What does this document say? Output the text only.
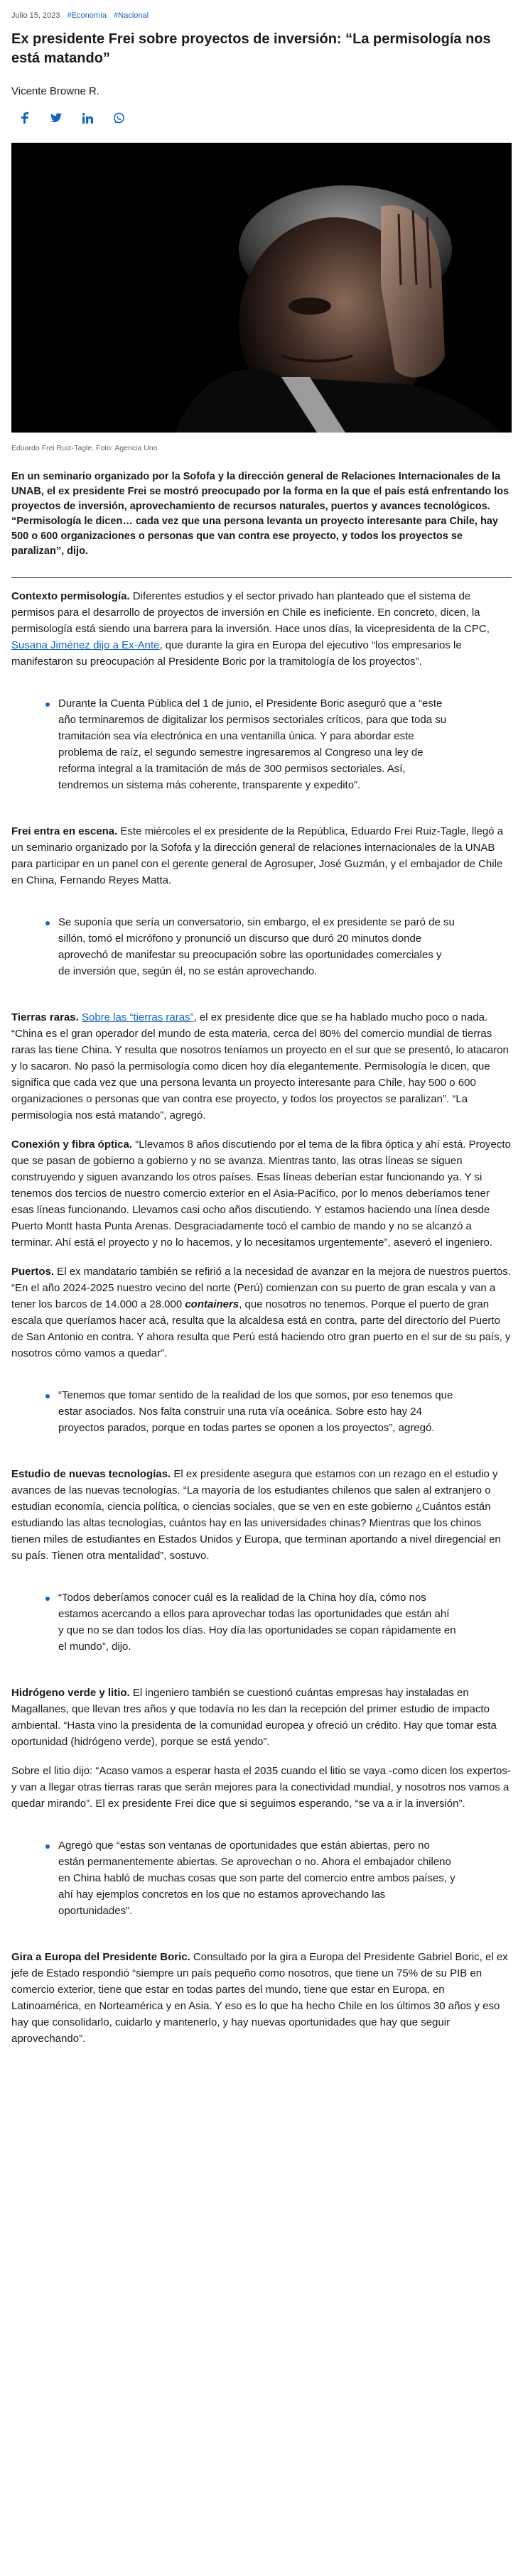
Julio 15, 2023 #Economía #Nacional
Ex presidente Frei sobre proyectos de inversión: “La permisología nos está matando”
Vicente Browne R.
Eduardo Frei Ruiz-Tagle. Foto: Agencia Uno.
En un seminario organizado por la Sofofa y la dirección general de Relaciones Internacionales de la UNAB, el ex presidente Frei se mostró preocupado por la forma en la que el país está enfrentando los proyectos de inversión, aprovechamiento de recursos naturales, puertos y avances tecnológicos. “Permisología le dicen… cada vez que una persona levanta un proyecto interesante para Chile, hay 500 o 600 organizaciones o personas que van contra ese proyecto, y todos los proyectos se paralizan”, dijo.

Contexto permisología. Diferentes estudios y el sector privado han planteado que el sistema de permisos para el desarrollo de proyectos de inversión en Chile es ineficiente. En concreto, dicen, la permisología está siendo una barrera para la inversión. Hace unos días, la vicepresidenta de la CPC, Susana Jiménez dijo a Ex-Ante, que durante la gira en Europa del ejecutivo “los empresarios le manifestaron su preocupación al Presidente Boric por la tramitología de los proyectos”.

Durante la Cuenta Pública del 1 de junio, el Presidente Boric aseguró que a “este año terminaremos de digitalizar los permisos sectoriales críticos, para que toda su tramitación sea vía electrónica en una ventanilla única. Y para abordar este problema de raíz, el segundo semestre ingresaremos al Congreso una ley de reforma integral a la tramitación de más de 300 permisos sectoriales. Así, tendremos un sistema más coherente, transparente y expedito”.

Frei entra en escena. Este miércoles el ex presidente de la República, Eduardo Frei Ruiz-Tagle, llegó a un seminario organizado por la Sofofa y la dirección general de relaciones internacionales de la UNAB para participar en un panel con el gerente general de Agrosuper, José Guzmán, y el embajador de Chile en China, Fernando Reyes Matta.

Se suponía que sería un conversatorio, sin embargo, el ex presidente se paró de su sillón, tomó el micrófono y pronunció un discurso que duró 20 minutos donde aprovechó de manifestar su preocupación sobre las oportunidades comerciales y de inversión que, según él, no se están aprovechando.

Tierras raras. Sobre las “tierras raras”, el ex presidente dice que se ha hablado mucho poco o nada. “China es el gran operador del mundo de esta materia, cerca del 80% del comercio mundial de tierras raras las tiene China. Y resulta que nosotros teníamos un proyecto en el sur que se presentó, lo atacaron y lo sacaron. No pasó la permisología como dicen hoy día elegantemente. Permisología le dicen, que significa que cada vez que una persona levanta un proyecto interesante para Chile, hay 500 o 600 organizaciones o personas que van contra ese proyecto, y todos los proyectos se paralizan”. “La permisología nos está matando”, agregó.

Conexión y fibra óptica. “Llevamos 8 años discutiendo por el tema de la fibra óptica y ahí está. Proyecto que se pasan de gobierno a gobierno y no se avanza. Mientras tanto, las otras líneas se siguen construyendo y siguen avanzando los otros países. Esas líneas deberían estar funcionando ya. Y si tenemos dos tercios de nuestro comercio exterior en el Asia-Pacífico, por lo menos deberíamos tener esas líneas funcionando. Llevamos casi ocho años discutiendo. Y estamos haciendo una línea desde Puerto Montt hasta Punta Arenas. Desgraciadamente tocó el cambio de mando y no se alcanzó a terminar. Ahí está el proyecto y no lo hacemos, y lo necesitamos urgentemente”, aseveró el ingeniero.

Puertos. El ex mandatario también se refirió a la necesidad de avanzar en la mejora de nuestros puertos. “En el año 2024-2025 nuestro vecino del norte (Perú) comienzan con su puerto de gran escala y van a tener los barcos de 14.000 a 28.000 containers, que nosotros no tenemos. Porque el puerto de gran escala que queríamos hacer acá, resulta que la alcaldesa está en contra, parte del directorio del Puerto de San Antonio en contra. Y ahora resulta que Perú está haciendo otro gran puerto en el sur de su país, y nosotros cómo vamos a quedar”.

“Tenemos que tomar sentido de la realidad de los que somos, por eso tenemos que estar asociados. Nos falta construir una ruta vía oceánica. Sobre esto hay 24 proyectos parados, porque en todas partes se oponen a los proyectos”, agregó.

Estudio de nuevas tecnologías. El ex presidente asegura que estamos con un rezago en el estudio y avances de las nuevas tecnologías. “La mayoría de los estudiantes chilenos que salen al extranjero o estudian economía, ciencia política, o ciencias sociales, que se ven en este gobierno ¿Cuántos están estudiando las altas tecnologías, cuántos hay en las universidades chinas? Mientras que los chinos tienen miles de estudiantes en Estados Unidos y Europa, que terminan aportando a nivel diregencial en su país. Tienen otra mentalidad”, sostuvo.

“Todos deberíamos conocer cuál es la realidad de la China hoy día, cómo nos estamos acercando a ellos para aprovechar todas las oportunidades que están ahí y que no se dan todos los días. Hoy día las oportunidades se copan rápidamente en el mundo”, dijo.

Hidrógeno verde y litio. El ingeniero también se cuestionó cuántas empresas hay instaladas en Magallanes, que llevan tres años y que todavía no les dan la recepción del primer estudio de impacto ambiental. “Hasta vino la presidenta de la comunidad europea y ofreció un crédito. Hay que tomar esta oportunidad (hidrógeno verde), porque se está yendo”.

Sobre el litio dijo: “Acaso vamos a esperar hasta el 2035 cuando el litio se vaya -como dicen los expertos- y van a llegar otras tierras raras que serán mejores para la conectividad mundial, y nosotros nos vamos a quedar mirando”. El ex presidente Frei dice que si seguimos esperando, “se va a ir la inversión”.

Agregó que “estas son ventanas de oportunidades que están abiertas, pero no están permanentemente abiertas. Se aprovechan o no. Ahora el embajador chileno en China habló de muchas cosas que son parte del comercio entre ambos países, y ahí hay ejemplos concretos en los que no estamos aprovechando las oportunidades”.

Gira a Europa del Presidente Boric. Consultado por la gira a Europa del Presidente Gabriel Boric, el ex jefe de Estado respondió “siempre un país pequeño como nosotros, que tiene un 75% de su PIB en comercio exterior, tiene que estar en todas partes del mundo, tiene que estar en Europa, en Latinoamérica, en Norteamérica y en Asia. Y eso es lo que ha hecho Chile en los últimos 30 años y eso hay que consolidarlo, cuidarlo y mantenerlo, y hay nuevas oportunidades que hay que seguir aprovechando”.
